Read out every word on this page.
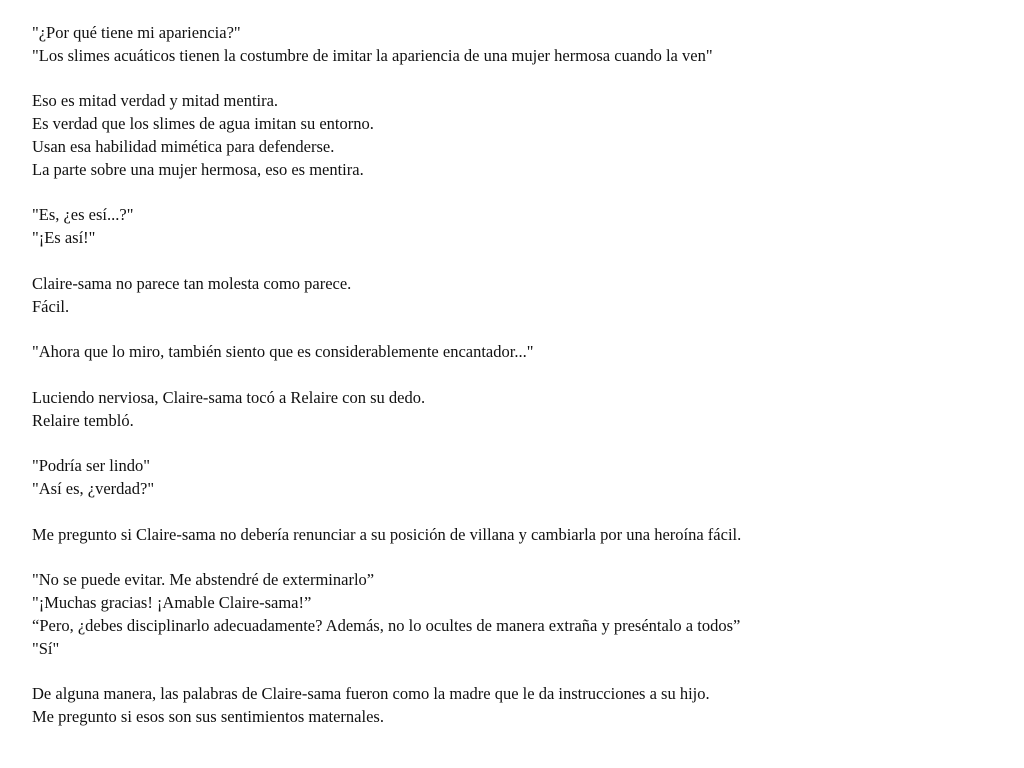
"¿Por qué tiene mi apariencia?"
"Los slimes acuáticos tienen la costumbre de imitar la apariencia de una mujer hermosa cuando la ven"
Eso es mitad verdad y mitad mentira.
Es verdad que los slimes de agua imitan su entorno.
Usan esa habilidad mimética para defenderse.
La parte sobre una mujer hermosa, eso es mentira.
"Es, ¿es esí...?"
"¡Es así!"
Claire-sama no parece tan molesta como parece.
Fácil.
"Ahora que lo miro, también siento que es considerablemente encantador..."
Luciendo nerviosa, Claire-sama tocó a Relaire con su dedo.
Relaire tembló.
"Podría ser lindo"
"Así es, ¿verdad?"
Me pregunto si Claire-sama no debería renunciar a su posición de villana y cambiarla por una heroína fácil.
"No se puede evitar. Me abstendré de exterminarlo”
"¡Muchas gracias! ¡Amable Claire-sama!”
“Pero, ¿debes disciplinarlo adecuadamente? Además, no lo ocultes de manera extraña y preséntalo a todos”
"Sí"
De alguna manera, las palabras de Claire-sama fueron como la madre que le da instrucciones a su hijo.
Me pregunto si esos son sus sentimientos maternales.
